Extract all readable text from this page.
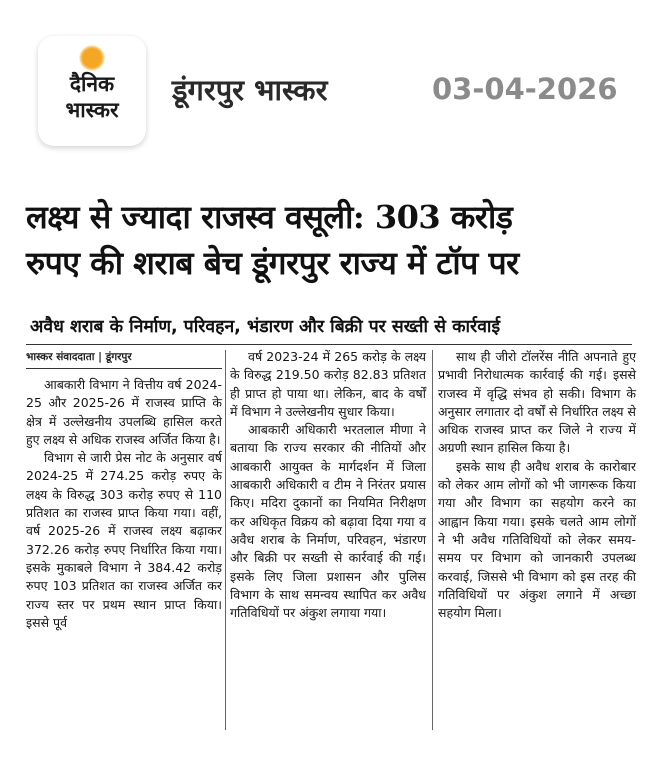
दैनिक
भास्कर
डूंगरपुर भास्कर	03-04-2026
लक्ष्य से ज्यादा राजस्व वसूली: 303 करोड़
रुपए की शराब बेच डूंगरपुर राज्य में टॉप पर
अवैध शराब के निर्माण, परिवहन, भंडारण और बिक्री पर सख्ती से कार्रवाई
भास्कर संवाददाता | डूंगरपुर

आबकारी विभाग ने वित्तीय वर्ष 2024-25 और 2025-26 में राजस्व प्राप्ति के क्षेत्र में उल्लेखनीय उपलब्धि हासिल करते हुए लक्ष्य से अधिक राजस्व अर्जित किया है।

विभाग से जारी प्रेस नोट के अनुसार वर्ष 2024-25 में 274.25 करोड़ रुपए के लक्ष्य के विरुद्ध 303 करोड़ रुपए से 110 प्रतिशत का राजस्व प्राप्त किया गया। वहीं, वर्ष 2025-26 में राजस्व लक्ष्य बढ़ाकर 372.26 करोड़ रुपए निर्धारित किया गया। इसके मुकाबले विभाग ने 384.42 करोड़ रुपए 103 प्रतिशत का राजस्व अर्जित कर राज्य स्तर पर प्रथम स्थान प्राप्त किया। इससे पूर्व

वर्ष 2023-24 में 265 करोड़ के लक्ष्य के विरुद्ध 219.50 करोड़ 82.83 प्रतिशत ही प्राप्त हो पाया था। लेकिन, बाद के वर्षों में विभाग ने उल्लेखनीय सुधार किया।

आबकारी अधिकारी भरतलाल मीणा ने बताया कि राज्य सरकार की नीतियों और आबकारी आयुक्त के मार्गदर्शन में जिला आबकारी अधिकारी व टीम ने निरंतर प्रयास किए। मदिरा दुकानों का नियमित निरीक्षण कर अधिकृत विक्रय को बढ़ावा दिया गया व अवैध शराब के निर्माण, परिवहन, भंडारण और बिक्री पर सख्ती से कार्रवाई की गई। इसके लिए जिला प्रशासन और पुलिस विभाग के साथ समन्वय स्थापित कर अवैध गतिविधियों पर अंकुश लगाया गया।

साथ ही जीरो टॉलरेंस नीति अपनाते हुए प्रभावी निरोधात्मक कार्रवाई की गई। इससे राजस्व में वृद्धि संभव हो सकी। विभाग के अनुसार लगातार दो वर्षों से निर्धारित लक्ष्य से अधिक राजस्व प्राप्त कर जिले ने राज्य में अग्रणी स्थान हासिल किया है।

इसके साथ ही अवैध शराब के कारोबार को लेकर आम लोगों को भी जागरूक किया गया और विभाग का सहयोग करने का आह्वान किया गया। इसके चलते आम लोगों ने भी अवैध गतिविधियों को लेकर समय-समय पर विभाग को जानकारी उपलब्ध करवाई, जिससे भी विभाग को इस तरह की गतिविधियों पर अंकुश लगाने में अच्छा सहयोग मिला।
